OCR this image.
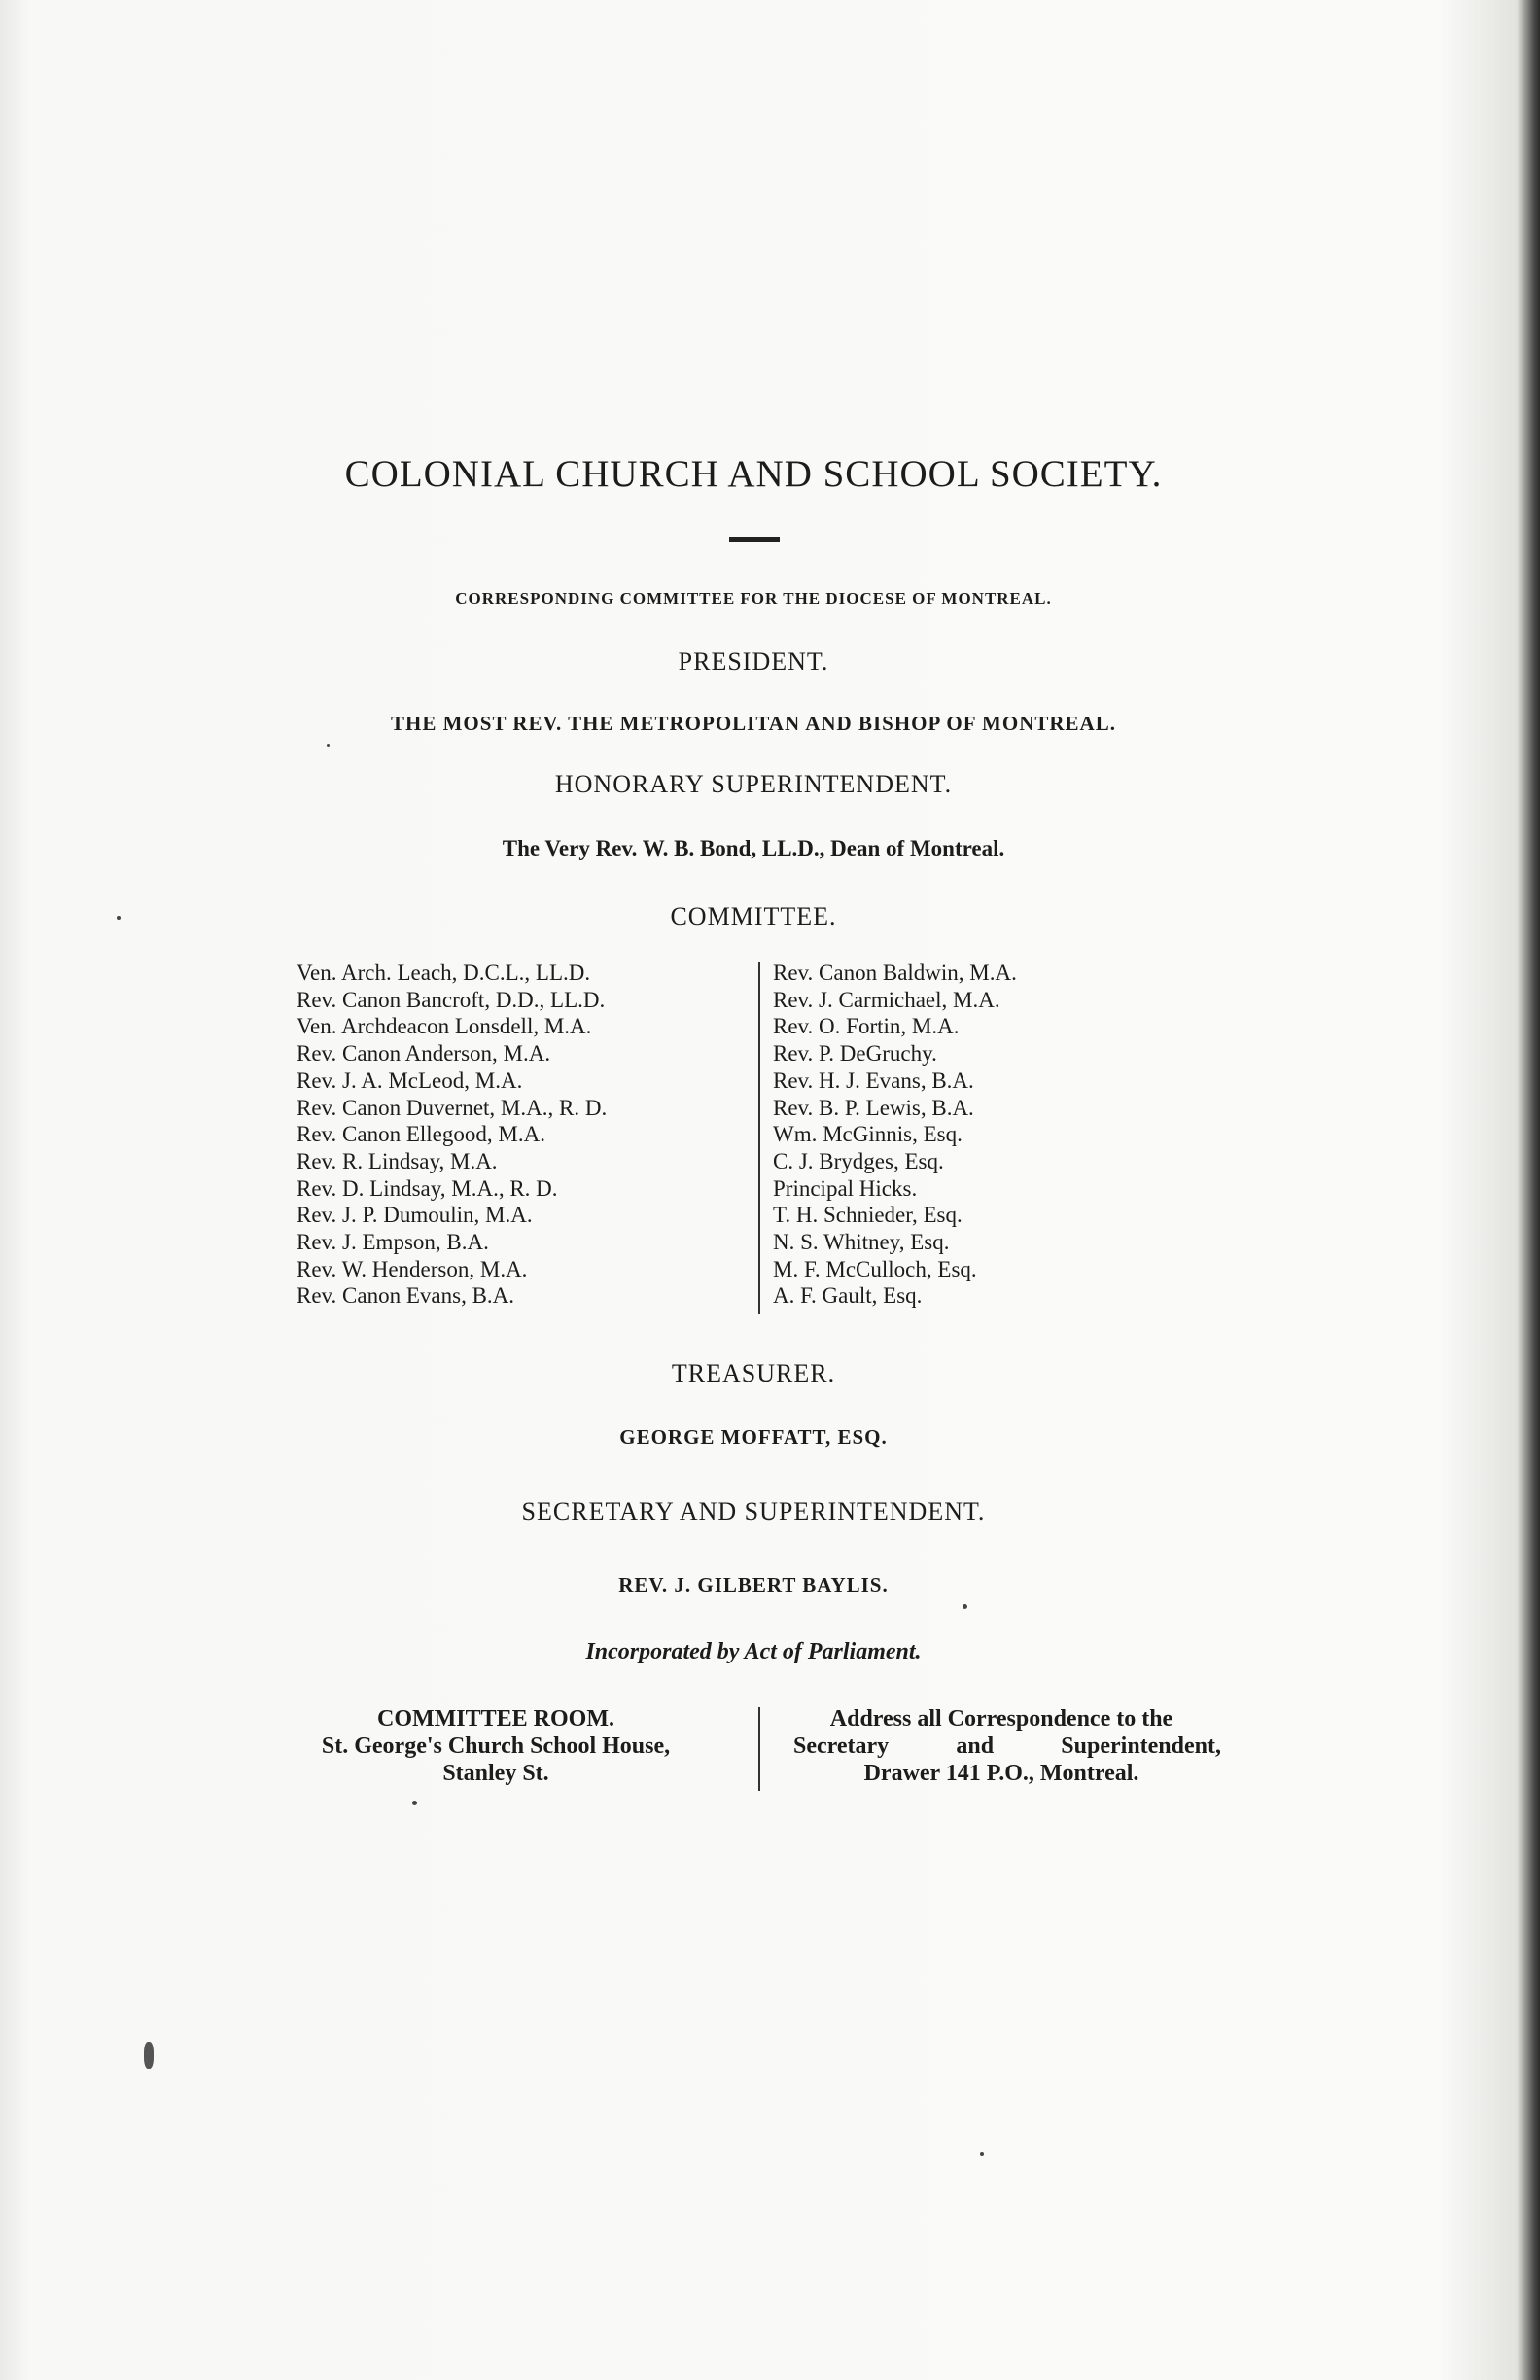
COLONIAL CHURCH AND SCHOOL SOCIETY.
CORRESPONDING COMMITTEE FOR THE DIOCESE OF MONTREAL.
PRESIDENT.
THE MOST REV. THE METROPOLITAN AND BISHOP OF MONTREAL.
HONORARY SUPERINTENDENT.
The Very Rev. W. B. Bond, LL.D., Dean of Montreal.
COMMITTEE.
Ven. Arch. Leach, D.C.L., LL.D.
Rev. Canon Bancroft, D.D., LL.D.
Ven. Archdeacon Lonsdell, M.A.
Rev. Canon Anderson, M.A.
Rev. J. A. McLeod, M.A.
Rev. Canon Duvernet, M.A., R. D.
Rev. Canon Ellegood, M.A.
Rev. R. Lindsay, M.A.
Rev. D. Lindsay, M.A., R. D.
Rev. J. P. Dumoulin, M.A.
Rev. J. Empson, B.A.
Rev. W. Henderson, M.A.
Rev. Canon Evans, B.A.
Rev. Canon Baldwin, M.A.
Rev. J. Carmichael, M.A.
Rev. O. Fortin, M.A.
Rev. P. DeGruchy.
Rev. H. J. Evans, B.A.
Rev. B. P. Lewis, B.A.
Wm. McGinnis, Esq.
C. J. Brydges, Esq.
Principal Hicks.
T. H. Schnieder, Esq.
N. S. Whitney, Esq.
M. F. McCulloch, Esq.
A. F. Gault, Esq.
TREASURER.
GEORGE MOFFATT, ESQ.
SECRETARY AND SUPERINTENDENT.
REV. J. GILBERT BAYLIS.
Incorporated by Act of Parliament.
COMMITTEE ROOM.
St. George's Church School House,
Stanley St.
Address all Correspondence to the
Secretary and Superintendent,
Drawer 141 P.O., Montreal.
